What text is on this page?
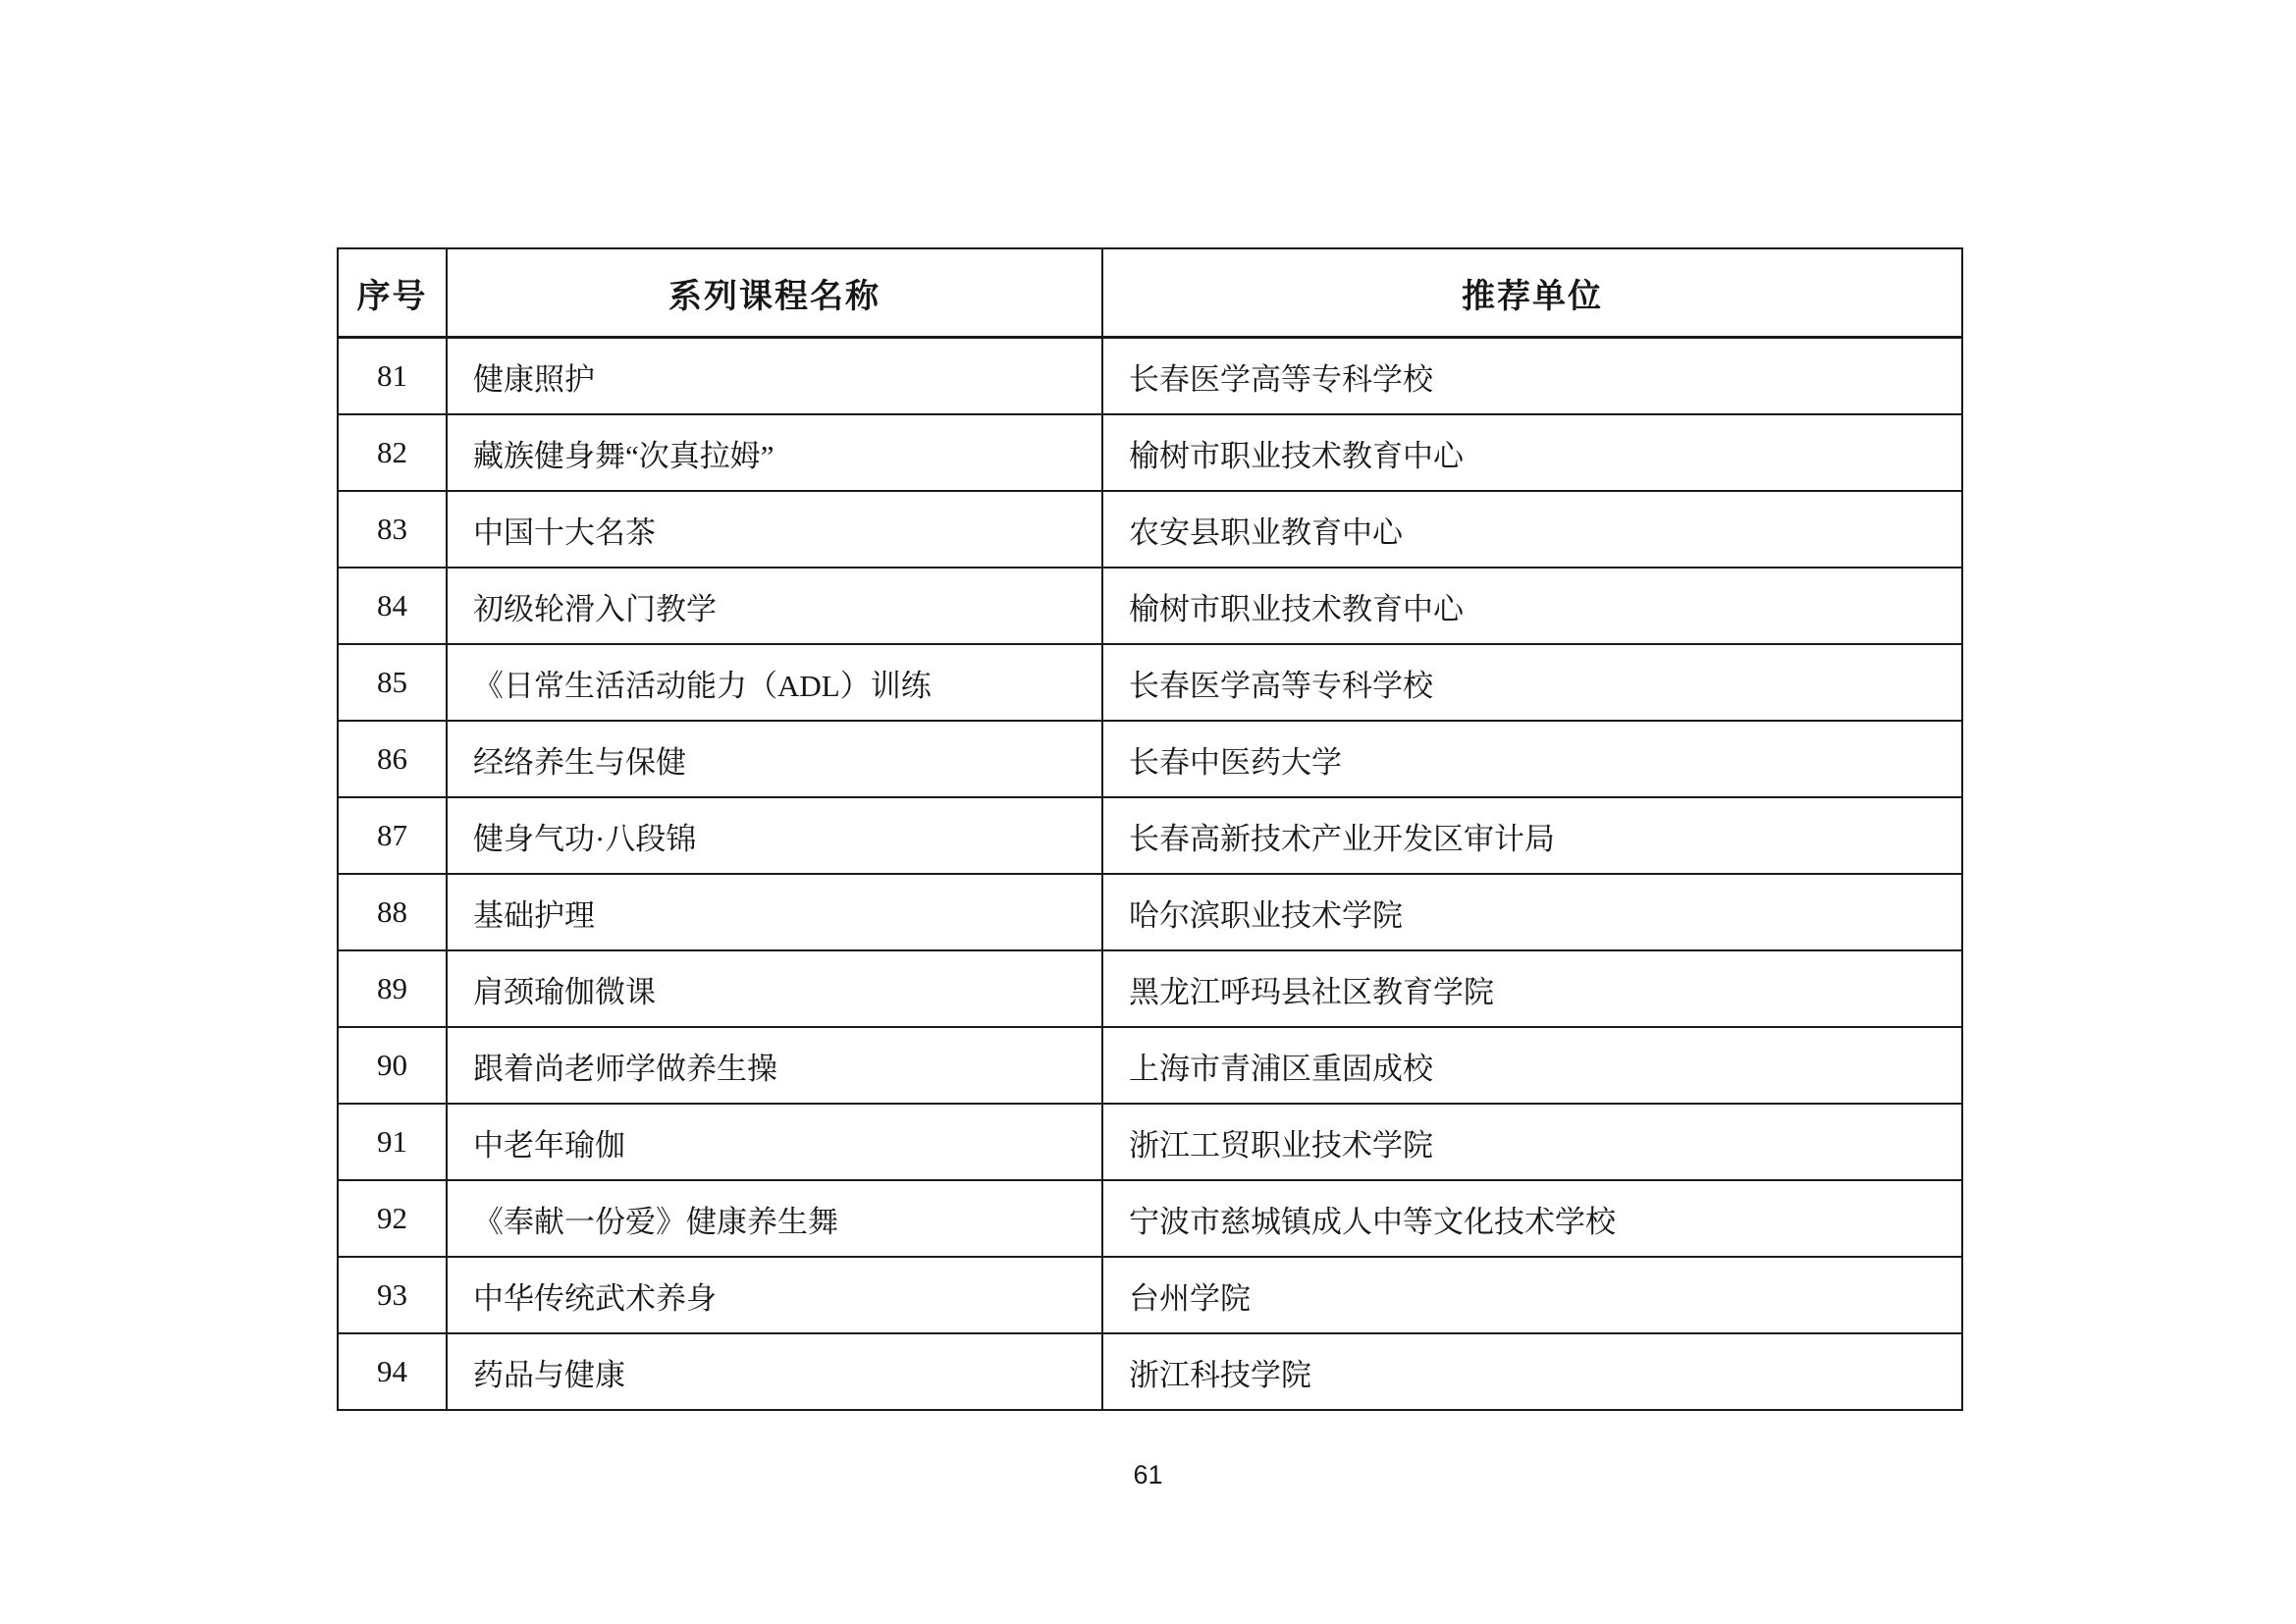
序号	系列课程名称	推荐单位
81	健康照护	长春医学高等专科学校
82	藏族健身舞“次真拉姆”	榆树市职业技术教育中心
83	中国十大名茶	农安县职业教育中心
84	初级轮滑入门教学	榆树市职业技术教育中心
85	《日常生活活动能力（ADL）训练	长春医学高等专科学校
86	经络养生与保健	长春中医药大学
87	健身气功·八段锦	长春高新技术产业开发区审计局
88	基础护理	哈尔滨职业技术学院
89	肩颈瑜伽微课	黑龙江呼玛县社区教育学院
90	跟着尚老师学做养生操	上海市青浦区重固成校
91	中老年瑜伽	浙江工贸职业技术学院
92	《奉献一份爱》健康养生舞	宁波市慈城镇成人中等文化技术学校
93	中华传统武术养身	台州学院
94	药品与健康	浙江科技学院
61
